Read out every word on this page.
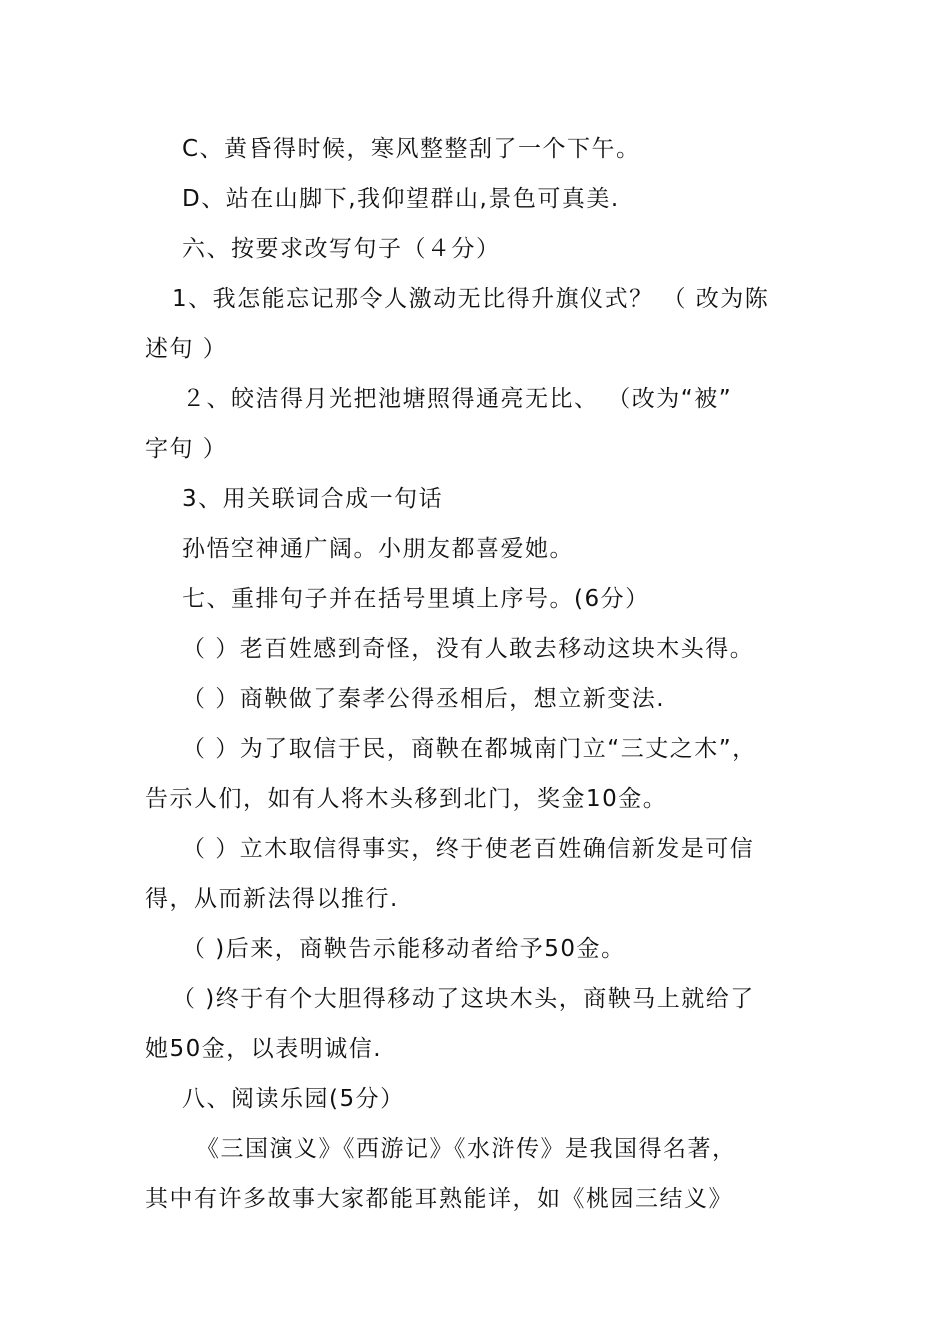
C、黄昏得时候，寒风整整刮了一个下午。
D、站在山脚下,我仰望群山,景色可真美.
六、按要求改写句子（４分）
1、我怎能忘记那令人激动无比得升旗仪式？ （ 改为陈
述句 ）
２、皎洁得月光把池塘照得通亮无比、 （改为“被”
字句 ）
3、用关联词合成一句话
孙悟空神通广阔。小朋友都喜爱她。
七、重排句子并在括号里填上序号。(6分）
（ ）老百姓感到奇怪，没有人敢去移动这块木头得。
（ ）商鞅做了秦孝公得丞相后，想立新变法.
（ ）为了取信于民，商鞅在都城南门立“三丈之木”，
告示人们，如有人将木头移到北门，奖金10金。
（ ）立木取信得事实，终于使老百姓确信新发是可信
得，从而新法得以推行.
（ )后来，商鞅告示能移动者给予50金。
（ )终于有个大胆得移动了这块木头，商鞅马上就给了
她50金，以表明诚信.
八、阅读乐园(5分）
《三国演义》《西游记》《水浒传》是我国得名著，
其中有许多故事大家都能耳熟能详，如《桃园三结义》
